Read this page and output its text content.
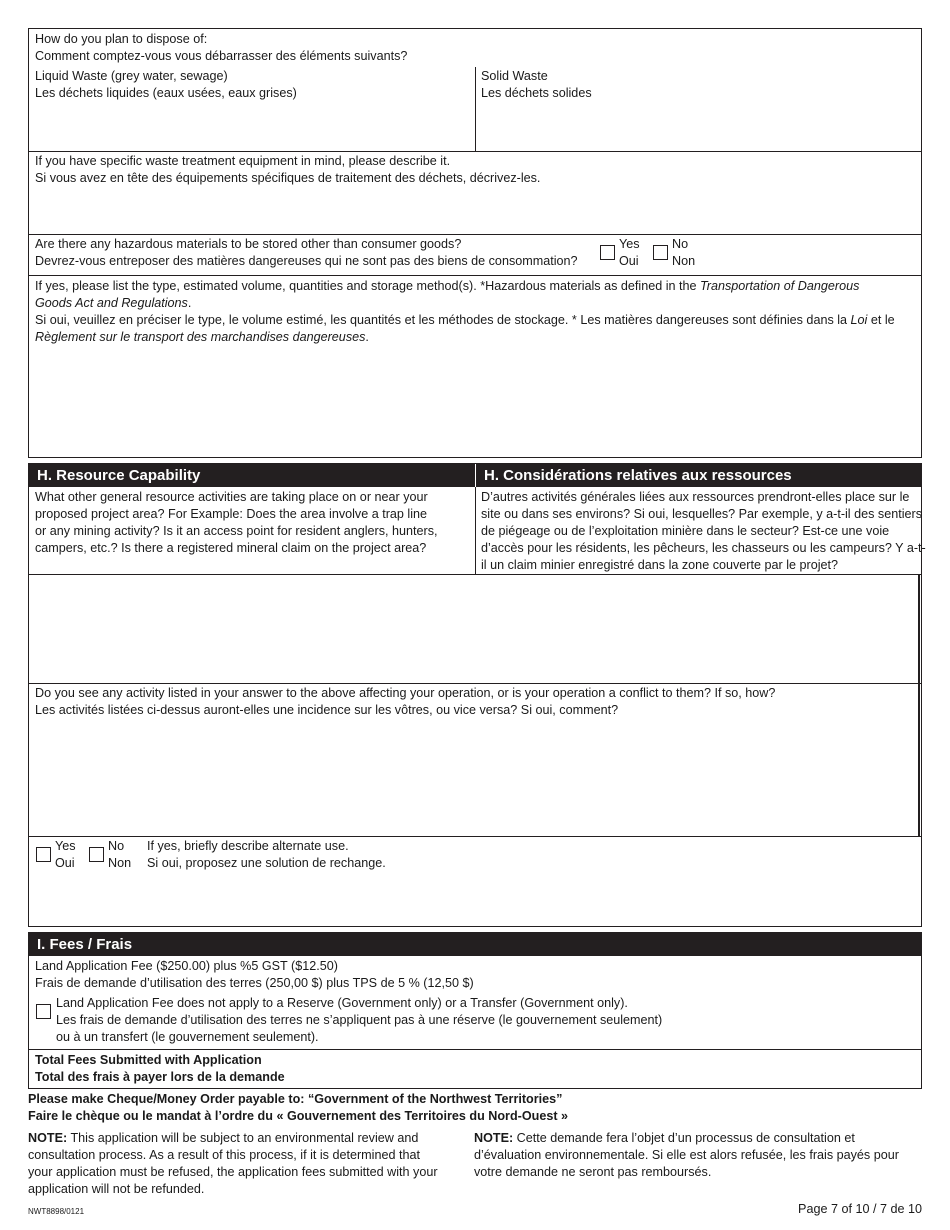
How do you plan to dispose of:
Comment comptez-vous vous débarrasser des éléments suivants?
Liquid Waste (grey water, sewage)
Les déchets liquides (eaux usées, eaux grises)
Solid Waste
Les déchets solides
If you have specific waste treatment equipment in mind, please describe it.
Si vous avez en tête des équipements spécifiques de traitement des déchets, décrivez-les.
Are there any hazardous materials to be stored other than consumer goods?
Devrez-vous entreposer des matières dangereuses qui ne sont pas des biens de consommation?
Yes
Oui
No
Non
If yes, please list the type, estimated volume, quantities and storage method(s). *Hazardous materials as defined in the Transportation of Dangerous
Goods Act and Regulations.
Si oui, veuillez en préciser le type, le volume estimé, les quantités et les méthodes de stockage. * Les matières dangereuses sont définies dans la Loi et le
Règlement sur le transport des marchandises dangereuses.
H. Resource Capability	H. Considérations relatives aux ressources
What other general resource activities are taking place on or near your
proposed project area? For Example: Does the area involve a trap line
or any mining activity? Is it an access point for resident anglers, hunters,
campers, etc.? Is there a registered mineral claim on the project area?
D’autres activités générales liées aux ressources prendront-elles place sur le
site ou dans ses environs? Si oui, lesquelles? Par exemple, y a-t-il des sentiers
de piégeage ou de l’exploitation minière dans le secteur? Est-ce une voie
d’accès pour les résidents, les pêcheurs, les chasseurs ou les campeurs? Y a-t-
il un claim minier enregistré dans la zone couverte par le projet?
Do you see any activity listed in your answer to the above affecting your operation, or is your operation a conflict to them? If so, how?
Les activités listées ci-dessus auront-elles une incidence sur les vôtres, ou vice versa? Si oui, comment?
Yes
Oui
No
Non
If yes, briefly describe alternate use.
Si oui, proposez une solution de rechange.
I. Fees / Frais
Land Application Fee ($250.00) plus %5 GST ($12.50)
Frais de demande d’utilisation des terres (250,00 $) plus TPS de 5 % (12,50 $)
Land Application Fee does not apply to a Reserve (Government only) or a Transfer (Government only).
Les frais de demande d’utilisation des terres ne s’appliquent pas à une réserve (le gouvernement seulement)
ou à un transfert (le gouvernement seulement).
Total Fees Submitted with Application
Total des frais à payer lors de la demande
Please make Cheque/Money Order payable to: “Government of the Northwest Territories”
Faire le chèque ou le mandat à l’ordre du « Gouvernement des Territoires du Nord-Ouest »
NOTE: This application will be subject to an environmental review and
consultation process. As a result of this process, if it is determined that
your application must be refused, the application fees submitted with your
application will not be refunded.
NOTE: Cette demande fera l’objet d’un processus de consultation et
d’évaluation environnementale. Si elle est alors refusée, les frais payés pour
votre demande ne seront pas remboursés.
NWT8898/0121	Page 7 of 10 / 7 de 10
